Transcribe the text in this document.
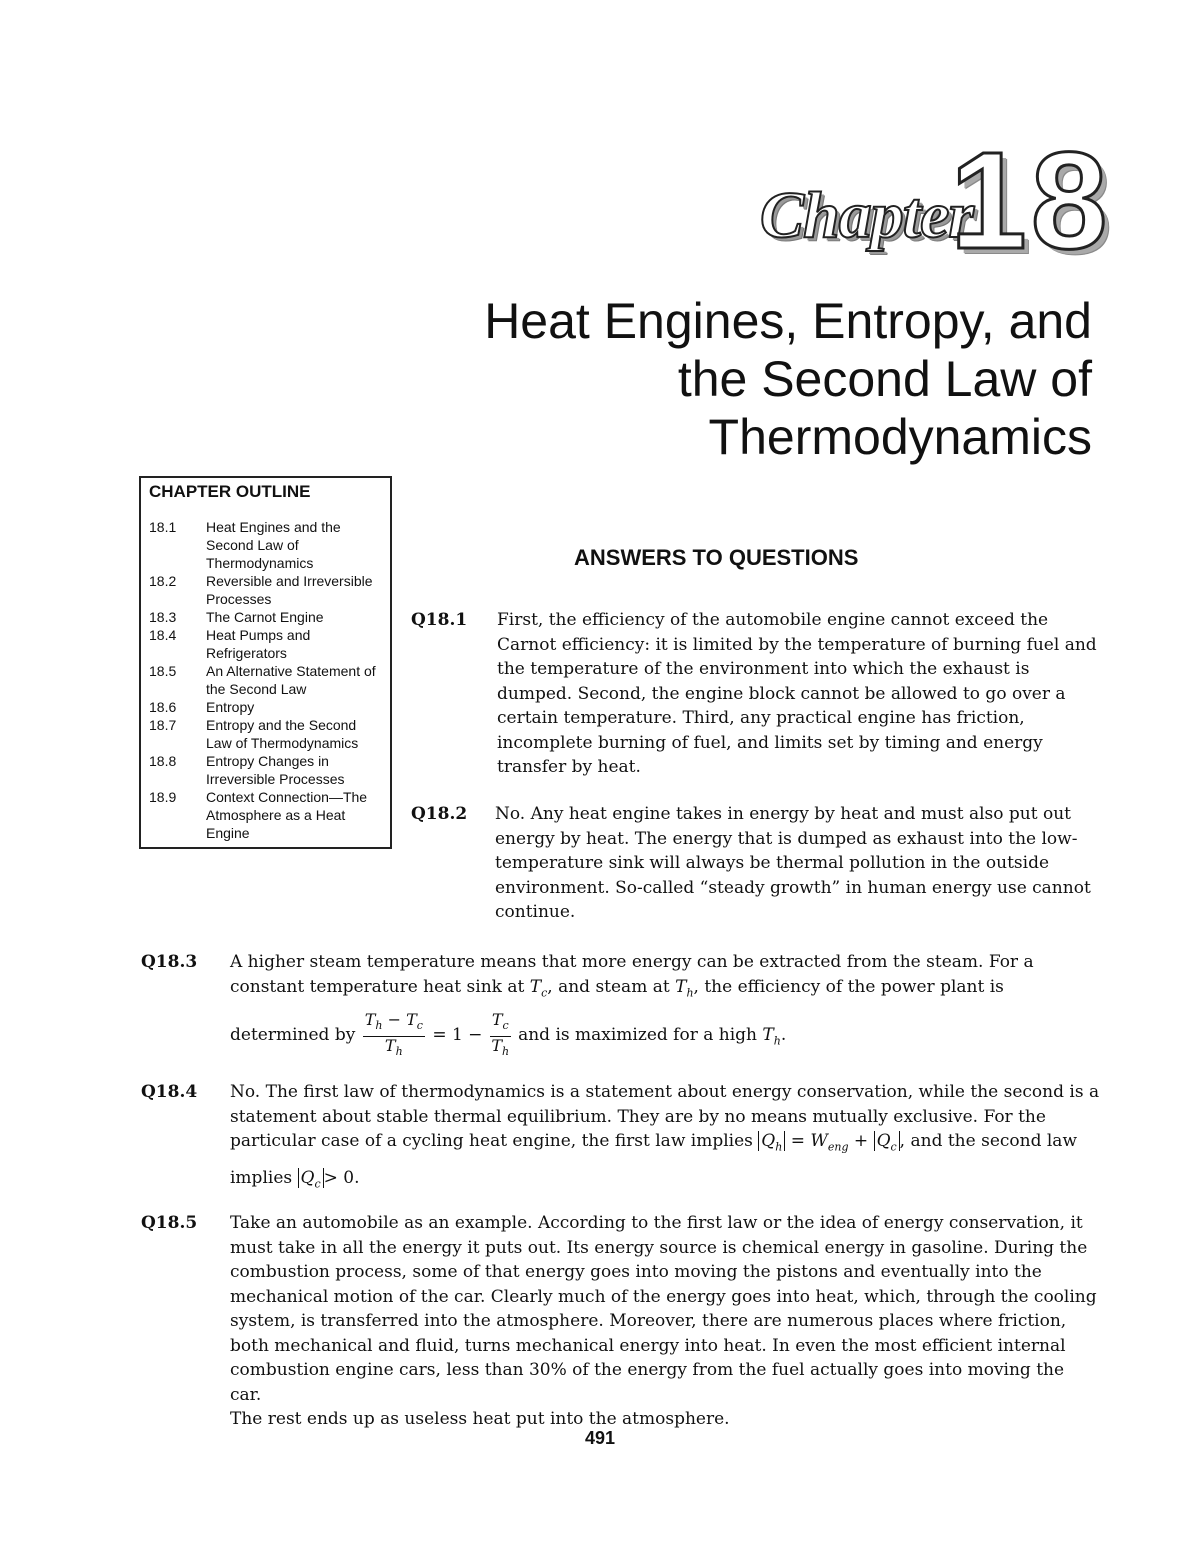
Chapter
18
Heat Engines, Entropy, and
the Second Law of
Thermodynamics
CHAPTER OUTLINE
18.1	Heat Engines and the Second Law of Thermodynamics
18.2	Reversible and Irreversible Processes
18.3	The Carnot Engine
18.4	Heat Pumps and Refrigerators
18.5	An Alternative Statement of the Second Law
18.6	Entropy
18.7	Entropy and the Second Law of Thermodynamics
18.8	Entropy Changes in Irreversible Processes
18.9	Context Connection—The Atmosphere as a Heat Engine
ANSWERS TO QUESTIONS
Q18.1 First, the efficiency of the automobile engine cannot exceed the
Carnot efficiency: it is limited by the temperature of burning fuel and
the temperature of the environment into which the exhaust is
dumped. Second, the engine block cannot be allowed to go over a
certain temperature. Third, any practical engine has friction,
incomplete burning of fuel, and limits set by timing and energy
transfer by heat.
Q18.2 No. Any heat engine takes in energy by heat and must also put out
energy by heat. The energy that is dumped as exhaust into the low-
temperature sink will always be thermal pollution in the outside
environment. So-called “steady growth” in human energy use cannot
continue.
Q18.3 A higher steam temperature means that more energy can be extracted from the steam. For a
constant temperature heat sink at $T_c$, and steam at $T_h$, the efficiency of the power plant is
determined by $\frac{T_h - T_c}{T_h} = 1 - \frac{T_c}{T_h}$ and is maximized for a high $T_h$.
Q18.4 No. The first law of thermodynamics is a statement about energy conservation, while the second is a
statement about stable thermal equilibrium. They are by no means mutually exclusive. For the
particular case of a cycling heat engine, the first law implies $Q_h = W_{eng} + Q_c$ , and the second law
implies $Q_c > 0$.
Q18.5 Take an automobile as an example. According to the first law or the idea of energy conservation, it
must take in all the energy it puts out. Its energy source is chemical energy in gasoline. During the
combustion process, some of that energy goes into moving the pistons and eventually into the
mechanical motion of the car. Clearly much of the energy goes into heat, which, through the cooling
system, is transferred into the atmosphere. Moreover, there are numerous places where friction,
both mechanical and fluid, turns mechanical energy into heat. In even the most efficient internal
combustion engine cars, less than 30% of the energy from the fuel actually goes into moving the car.
The rest ends up as useless heat put into the atmosphere.
491
